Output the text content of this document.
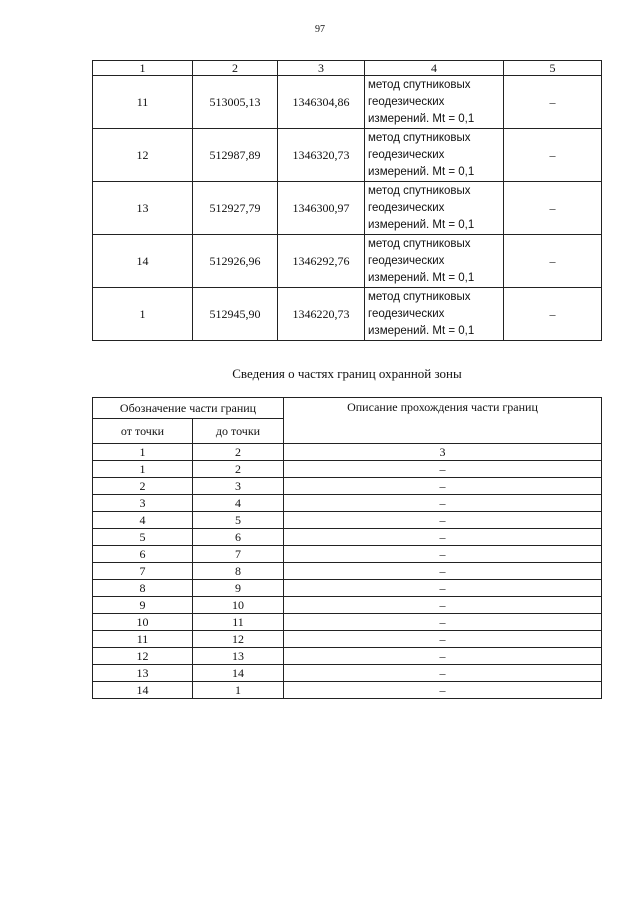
97
1	2	3	4	5
11	513005,13	1346304,86	метод спутниковых
геодезических
измерений. Mt = 0,1	–
12	512987,89	1346320,73	метод спутниковых
геодезических
измерений. Mt = 0,1	–
13	512927,79	1346300,97	метод спутниковых
геодезических
измерений. Mt = 0,1	–
14	512926,96	1346292,76	метод спутниковых
геодезических
измерений. Mt = 0,1	–
1	512945,90	1346220,73	метод спутниковых
геодезических
измерений. Mt = 0,1	–
Сведения о частях границ охранной зоны
Обозначение части границ		Описание прохождения части границ
от точки	до точки	
1	2	3
1	2	–
2	3	–
3	4	–
4	5	–
5	6	–
6	7	–
7	8	–
8	9	–
9	10	–
10	11	–
11	12	–
12	13	–
13	14	–
14	1	–
